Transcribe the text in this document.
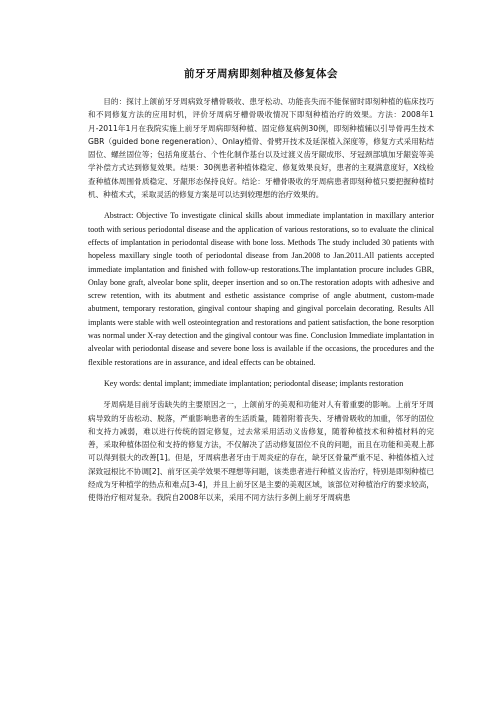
前牙牙周病即刻种植及修复体会

目的：探讨上颌前牙牙周病致牙槽骨吸收、患牙松动、功能丧失而不能保留时即刻种植的临床技巧和不同修复方法的应用时机，评价牙周病牙槽骨吸收情况下即刻种植治疗的效果。方法：2008年1月-2011年1月在我院实施上前牙牙周病即刻种植、固定修复病例30例，即刻种植辅以引导骨再生技术GBR（guided bone regeneration）、Onlay植骨、骨劈开技术及延深植入深度等，修复方式采用粘结固位、螺丝固位等；包括角度基台、个性化制作基台以及过渡义齿牙龈成形、牙冠颈部填加牙龈瓷等美学补偿方式达到修复效果。结果：30例患者种植体稳定、修复效果良好，患者的主观满意度好，X线检查种植体周围骨质稳定、牙龈形态保持良好。结论：牙槽骨吸收的牙周病患者即刻种植只要把握种植时机、种植术式，采取灵活的修复方案是可以达到较理想的治疗效果的。

Abstract: Objective To investigate clinical skills about immediate implantation in maxillary anterior tooth with serious periodontal disease and the application of various restorations, so to evaluate the clinical effects of implantation in periodontal disease with bone loss. Methods The study included 30 patients with hopeless maxillary single tooth of periodontal disease from Jan.2008 to Jan.2011.All patients accepted immediate implantation and finished with follow-up restorations.The implantation procure includes GBR, Onlay bone graft, alveolar bone split, deeper insertion and so on.The restoration adopts with adhesive and screw retention, with its abutment and esthetic assistance comprise of angle abutment, custom-made abutment, temporary restoration, gingival contour shaping and gingival porcelain decorating. Results All implants were stable with well osteointegration and restorations and patient satisfaction, the bone resorption was normal under X-ray detection and the gingival contour was fine. Conclusion Immediate implantation in alveolar with periodontal disease and severe bone loss is available if the occasions, the procedures and the flexible restorations are in assurance, and ideal effects can be obtained.

Key words: dental implant; immediate implantation; periodontal disease; implants restoration

牙周病是目前牙齿缺失的主要原因之一，上颌前牙的美观和功能对人有着重要的影响。上前牙牙周病导致的牙齿松动、脱落，严重影响患者的生活质量，随着附着丧失、牙槽骨吸收的加重，邻牙的固位和支持力减弱，难以进行传统的固定修复，过去常采用活动义齿修复，随着种植技术和种植材料的完善，采取种植体固位和支持的修复方法，不仅解决了活动修复固位不良的问题，而且在功能和美观上都可以得到很大的改善[1]。但是，牙周病患者牙由于周炎症的存在，缺牙区骨量严重不足、种植体植入过深致冠根比不协调[2]、前牙区美学效果不理想等问题，该类患者进行种植义齿治疗，特别是即刻种植已经成为牙种植学的热点和难点[3-4]，并且上前牙区是主要的美观区域，该部位对种植治疗的要求较高，使得治疗相对复杂。我院自2008年以来，采用不同方法行多例上前牙牙周病患
